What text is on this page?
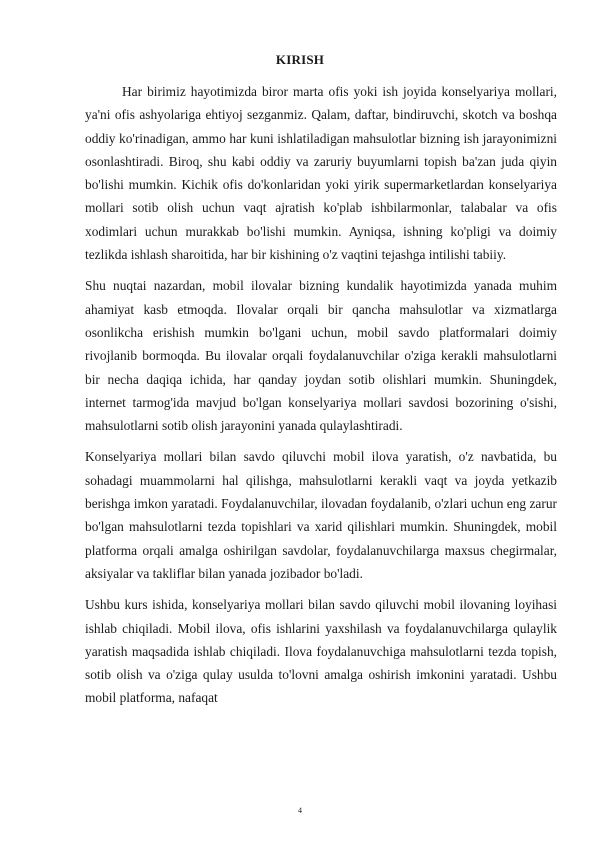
KIRISH

Har birimiz hayotimizda biror marta ofis yoki ish joyida konselyariya mollari, ya'ni ofis ashyolariga ehtiyoj sezganmiz. Qalam, daftar, bindiruvchi, skotch va boshqa oddiy ko'rinadigan, ammo har kuni ishlatiladigan mahsulotlar bizning ish jarayonimizni osonlashtiradi. Biroq, shu kabi oddiy va zaruriy buyumlarni topish ba'zan juda qiyin bo'lishi mumkin. Kichik ofis do'konlaridan yoki yirik supermarketlardan konselyariya mollari sotib olish uchun vaqt ajratish ko'plab ishbilarmonlar, talabalar va ofis xodimlari uchun murakkab bo'lishi mumkin. Ayniqsa, ishning ko'pligi va doimiy tezlikda ishlash sharoitida, har bir kishining o'z vaqtini tejashga intilishi tabiiy.

Shu nuqtai nazardan, mobil ilovalar bizning kundalik hayotimizda yanada muhim ahamiyat kasb etmoqda. Ilovalar orqali bir qancha mahsulotlar va xizmatlarga osonlikcha erishish mumkin bo'lgani uchun, mobil savdo platformalari doimiy rivojlanib bormoqda. Bu ilovalar orqali foydalanuvchilar o'ziga kerakli mahsulotlarni bir necha daqiqa ichida, har qanday joydan sotib olishlari mumkin. Shuningdek, internet tarmog'ida mavjud bo'lgan konselyariya mollari savdosi bozorining o'sishi, mahsulotlarni sotib olish jarayonini yanada qulaylashtiradi.

Konselyariya mollari bilan savdo qiluvchi mobil ilova yaratish, o'z navbatida, bu sohadagi muammolarni hal qilishga, mahsulotlarni kerakli vaqt va joyda yetkazib berishga imkon yaratadi. Foydalanuvchilar, ilovadan foydalanib, o'zlari uchun eng zarur bo'lgan mahsulotlarni tezda topishlari va xarid qilishlari mumkin. Shuningdek, mobil platforma orqali amalga oshirilgan savdolar, foydalanuvchilarga maxsus chegirmalar, aksiyalar va takliflar bilan yanada jozibador bo'ladi.

Ushbu kurs ishida, konselyariya mollari bilan savdo qiluvchi mobil ilovaning loyihasi ishlab chiqiladi. Mobil ilova, ofis ishlarini yaxshilash va foydalanuvchilarga qulaylik yaratish maqsadida ishlab chiqiladi. Ilova foydalanuvchiga mahsulotlarni tezda topish, sotib olish va o'ziga qulay usulda to'lovni amalga oshirish imkonini yaratadi. Ushbu mobil platforma, nafaqat

4
